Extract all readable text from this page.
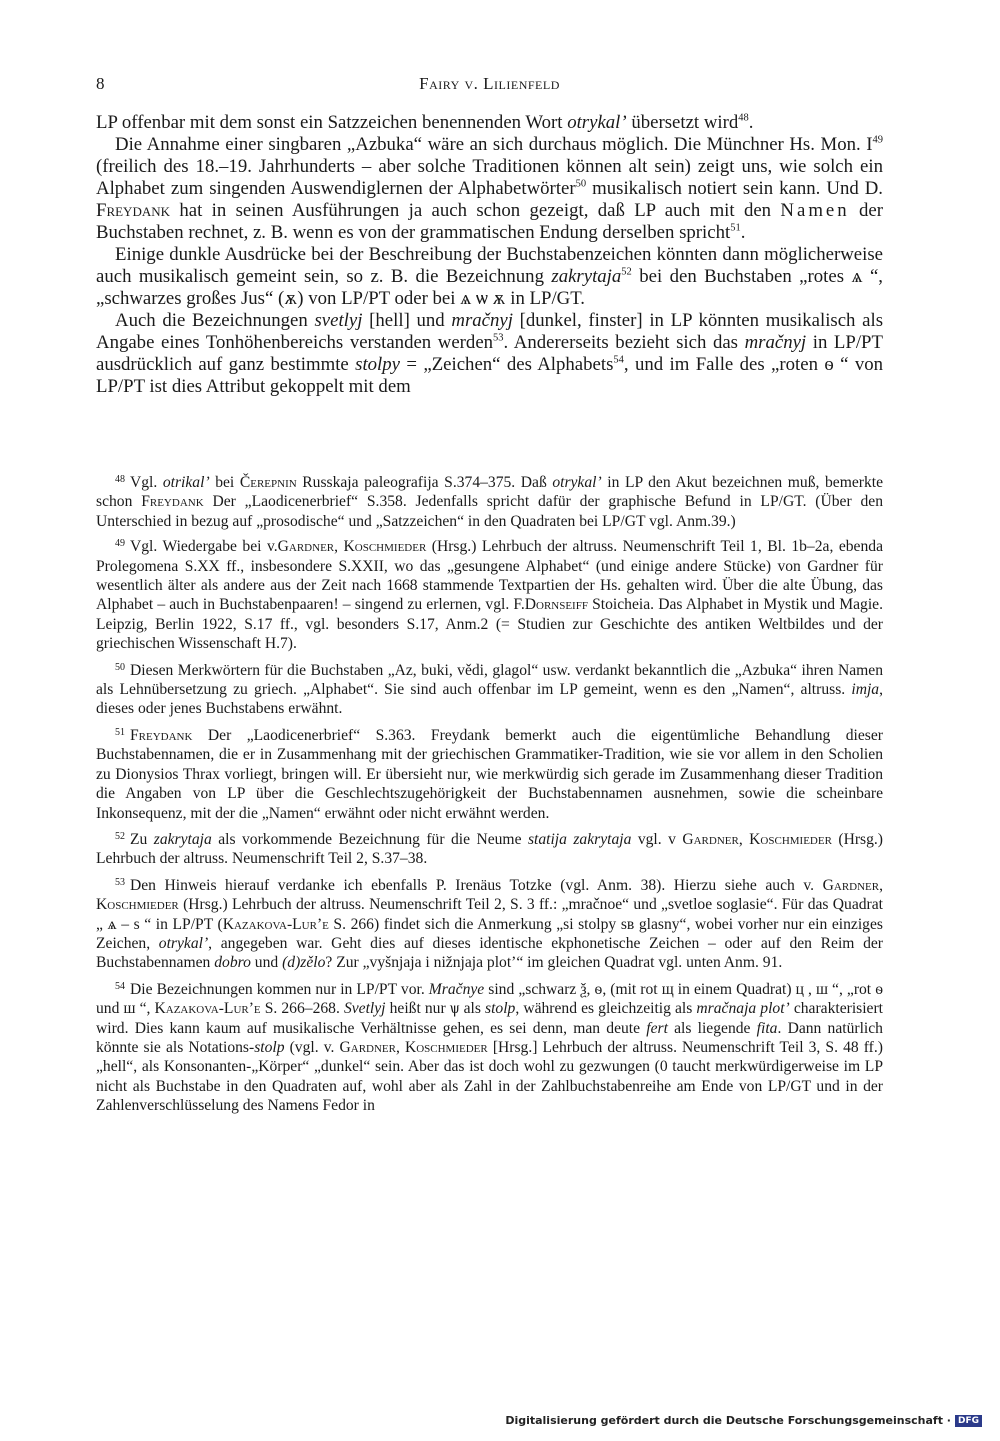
8	Fairy v. Lilienfeld

LP offenbar mit dem sonst ein Satzzeichen benennenden Wort otrykal’ übersetzt wird$^{48}$.

Die Annahme einer singbaren „Azbuka“ wäre an sich durchaus möglich. Die Münchner Hs. Mon. $I^{49}$ (freilich des 18.–19. Jahrhunderts – aber solche Traditionen können alt sein) zeigt uns, wie solch ein Alphabet zum singenden Auswendiglernen der Alphabetwörter$^{50}$ musikalisch notiert sein kann. Und D. Freydank hat in seinen Ausführungen ja auch schon gezeigt, daß LP auch mit den Namen der Buchstaben rechnet, z. B. wenn es von der grammatischen Endung derselben spricht$^{51}$.

Einige dunkle Ausdrücke bei der Beschreibung der Buchstabenzeichen könnten dann möglicherweise auch musikalisch gemeint sein, so z. B. die Bezeichnung zakrytaja$^{52}$ bei den Buchstaben „rotes ѧ “, „schwarzes großes Jus“ (ѫ) von LP/PT oder bei ѧ ѡ ѫ in LP/GT.

Auch die Bezeichnungen svetlyj [hell] und mračnyj [dunkel, finster] in LP könnten musikalisch als Angabe eines Tonhöhenbereichs verstanden werden$^{53}$. Andererseits bezieht sich das mračnyj in LP/PT ausdrücklich auf ganz bestimmte stolpy = „Zeichen“ des Alphabets$^{54}$, und im Falle des „roten ѳ “ von LP/PT ist dies Attribut gekoppelt mit dem

$^{48}$ Vgl. otrikal’ bei Čerepnin Russkaja paleografija S.374–375. Daß otrykal’ in LP den Akut bezeichnen muß, bemerkte schon Freydank Der „Laodicenerbrief“ S.358. Jedenfalls spricht dafür der graphische Befund in LP/GT. (Über den Unterschied in bezug auf „prosodische“ und „Satzzeichen“ in den Quadraten bei LP/GT vgl. Anm.39.)

$^{49}$ Vgl. Wiedergabe bei v.Gardner, Koschmieder (Hrsg.) Lehrbuch der altruss. Neumenschrift Teil 1, Bl. 1b–2a, ebenda Prolegomena S.XX ff., insbesondere S.XXII, wo das „gesungene Alphabet“ (und einige andere Stücke) von Gardner für wesentlich älter als andere aus der Zeit nach 1668 stammende Textpartien der Hs. gehalten wird. Über die alte Übung, das Alphabet – auch in Buchstabenpaaren! – singend zu erlernen, vgl. F.Dornseiff Stoicheia. Das Alphabet in Mystik und Magie. Leipzig, Berlin 1922, S.17 ff., vgl. besonders S.17, Anm.2 (= Studien zur Geschichte des antiken Weltbildes und der griechischen Wissenschaft H.7).

$^{50}$ Diesen Merkwörtern für die Buchstaben „Az, buki, vědi, glagol“ usw. verdankt bekanntlich die „Azbuka“ ihren Namen als Lehnübersetzung zu griech. „Alphabet“. Sie sind auch offenbar im LP gemeint, wenn es den „Namen“, altruss. imja, dieses oder jenes Buchstabens erwähnt.

$^{51}$ Freydank Der „Laodicenerbrief“ S.363. Freydank bemerkt auch die eigentümliche Behandlung dieser Buchstabennamen, die er in Zusammenhang mit der griechischen Grammatiker-Tradition, wie sie vor allem in den Scholien zu Dionysios Thrax vorliegt, bringen will. Er übersieht nur, wie merkwürdig sich gerade im Zusammenhang dieser Tradition die Angaben von LP über die Geschlechtszugehörigkeit der Buchstabennamen ausnehmen, sowie die scheinbare Inkonsequenz, mit der die „Namen“ erwähnt oder nicht erwähnt werden.

$^{52}$ Zu zakrytaja als vorkommende Bezeichnung für die Neume statija zakrytaja vgl. v Gardner, Koschmieder (Hrsg.) Lehrbuch der altruss. Neumenschrift Teil 2, S.37–38.

$^{53}$ Den Hinweis hierauf verdanke ich ebenfalls P. Irenäus Totzke (vgl. Anm. 38). Hierzu siehe auch v. Gardner, Koschmieder (Hrsg.) Lehrbuch der altruss. Neumenschrift Teil 2, S. 3 ff.: „mračnoe“ und „svetloe soglasie“. Für das Quadrat „ ѧ – ѕ “ in LP/PT (Kazakova-Lur’e S. 266) findet sich die Anmerkung „si stolpy sв glasny“, wobei vorher nur ein einziges Zeichen, otrykal’, angegeben war. Geht dies auf dieses identische ekphonetische Zeichen – oder auf den Reim der Buchstabennamen dobro und (d)zělo? Zur „vyšnjaja i nižnjaja plot’“ im gleichen Quadrat vgl. unten Anm. 91.

$^{54}$ Die Bezeichnungen kommen nur in LP/PT vor. Mračnye sind „schwarz ѯ, ѳ, (mit rot щ in einem Quadrat) ц , ш “, „rot ѳ und ш “, Kazakova-Lur’e S. 266–268. Svetlyj heißt nur ѱ als stolp, während es gleichzeitig als mračnaja plot’ charakterisiert wird. Dies kann kaum auf musikalische Verhältnisse gehen, es sei denn, man deute fert als liegende fita. Dann natürlich könnte sie als Notations-stolp (vgl. v. Gardner, Koschmieder [Hrsg.] Lehrbuch der altruss. Neumenschrift Teil 3, S. 48 ff.) „hell“, als Konsonanten-„Körper“ „dunkel“ sein. Aber das ist doch wohl zu gezwungen (0 taucht merkwürdigerweise im LP nicht als Buchstabe in den Quadraten auf, wohl aber als Zahl in der Zahlbuchstabenreihe am Ende von LP/GT und in der Zahlenverschlüsselung des Namens Fedor in

Digitalisierung gefördert durch die Deutsche Forschungsgemeinschaft · DFG
